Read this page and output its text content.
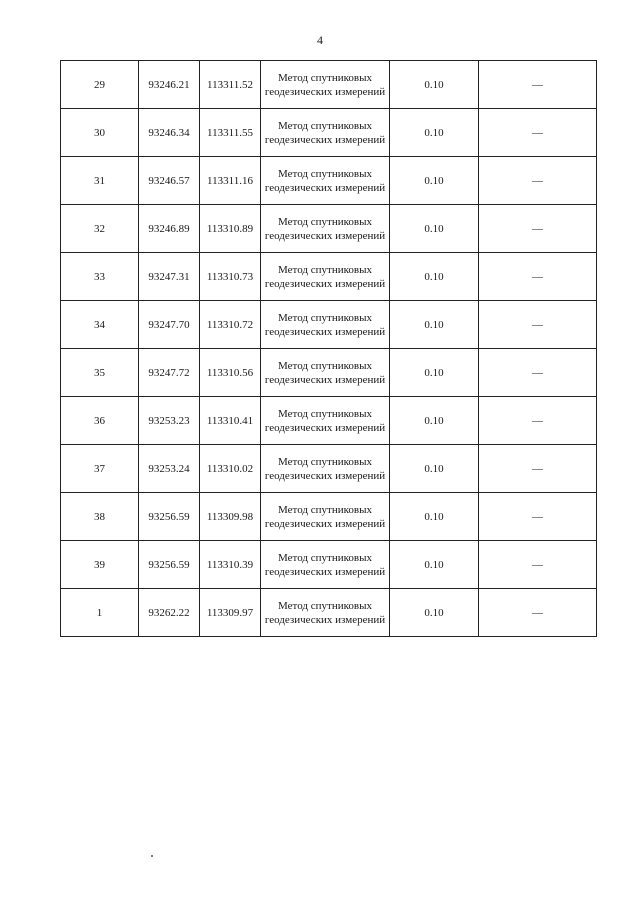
4
29	93246.21	113311.52	Метод спутниковых
геодезических измерений	0.10	—
30	93246.34	113311.55	Метод спутниковых
геодезических измерений	0.10	—
31	93246.57	113311.16	Метод спутниковых
геодезических измерений	0.10	—
32	93246.89	113310.89	Метод спутниковых
геодезических измерений	0.10	—
33	93247.31	113310.73	Метод спутниковых
геодезических измерений	0.10	—
34	93247.70	113310.72	Метод спутниковых
геодезических измерений	0.10	—
35	93247.72	113310.56	Метод спутниковых
геодезических измерений	0.10	—
36	93253.23	113310.41	Метод спутниковых
геодезических измерений	0.10	—
37	93253.24	113310.02	Метод спутниковых
геодезических измерений	0.10	—
38	93256.59	113309.98	Метод спутниковых
геодезических измерений	0.10	—
39	93256.59	113310.39	Метод спутниковых
геодезических измерений	0.10	—
1	93262.22	113309.97	Метод спутниковых
геодезических измерений	0.10	—
